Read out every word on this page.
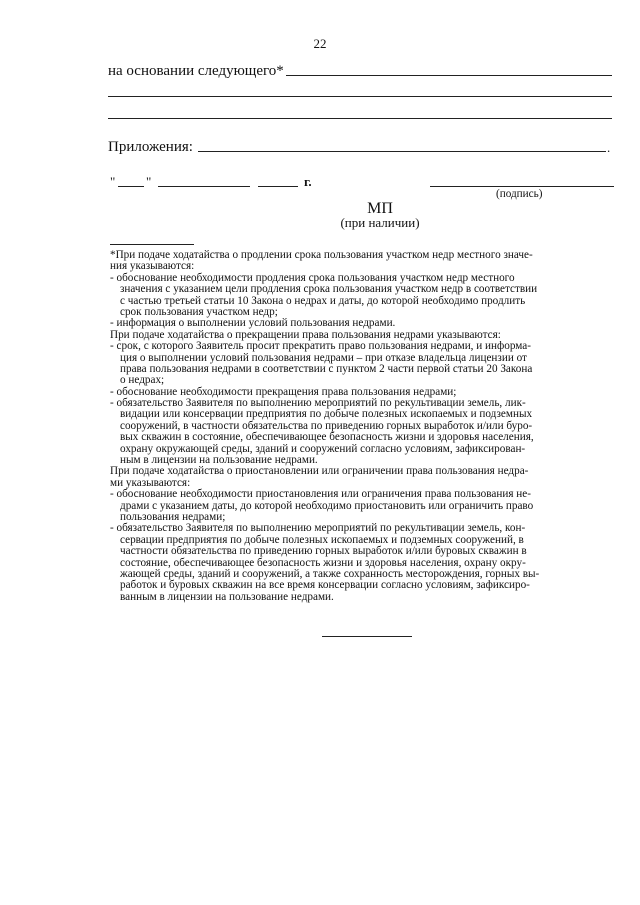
22
на основании следующего*
Приложения:	.
" "	г.
(подпись)
МП
(при наличии)
*При подаче ходатайства о продлении срока пользования участком недр местного значе-
ния указываются:
- обоснование необходимости продления срока пользования участком недр местного
значения с указанием цели продления срока пользования участком недр в соответствии
с частью третьей статьи 10 Закона о недрах и даты, до которой необходимо продлить
срок пользования участком недр;
- информация о выполнении условий пользования недрами.
При подаче ходатайства о прекращении права пользования недрами указываются:
- срок, с которого Заявитель просит прекратить право пользования недрами, и информа-
ция о выполнении условий пользования недрами – при отказе владельца лицензии от
права пользования недрами в соответствии с пунктом 2 части первой статьи 20 Закона
о недрах;
- обоснование необходимости прекращения права пользования недрами;
- обязательство Заявителя по выполнению мероприятий по рекультивации земель, лик-
видации или консервации предприятия по добыче полезных ископаемых и подземных
сооружений, в частности обязательства по приведению горных выработок и/или буро-
вых скважин в состояние, обеспечивающее безопасность жизни и здоровья населения,
охрану окружающей среды, зданий и сооружений согласно условиям, зафиксирован-
ным в лицензии на пользование недрами.
При подаче ходатайства о приостановлении или ограничении права пользования недра-
ми указываются:
- обоснование необходимости приостановления или ограничения права пользования не-
драми с указанием даты, до которой необходимо приостановить или ограничить право
пользования недрами;
- обязательство Заявителя по выполнению мероприятий по рекультивации земель, кон-
сервации предприятия по добыче полезных ископаемых и подземных сооружений, в
частности обязательства по приведению горных выработок и/или буровых скважин в
состояние, обеспечивающее безопасность жизни и здоровья населения, охрану окру-
жающей среды, зданий и сооружений, а также сохранность месторождения, горных вы-
работок и буровых скважин на все время консервации согласно условиям, зафиксиро-
ванным в лицензии на пользование недрами.
